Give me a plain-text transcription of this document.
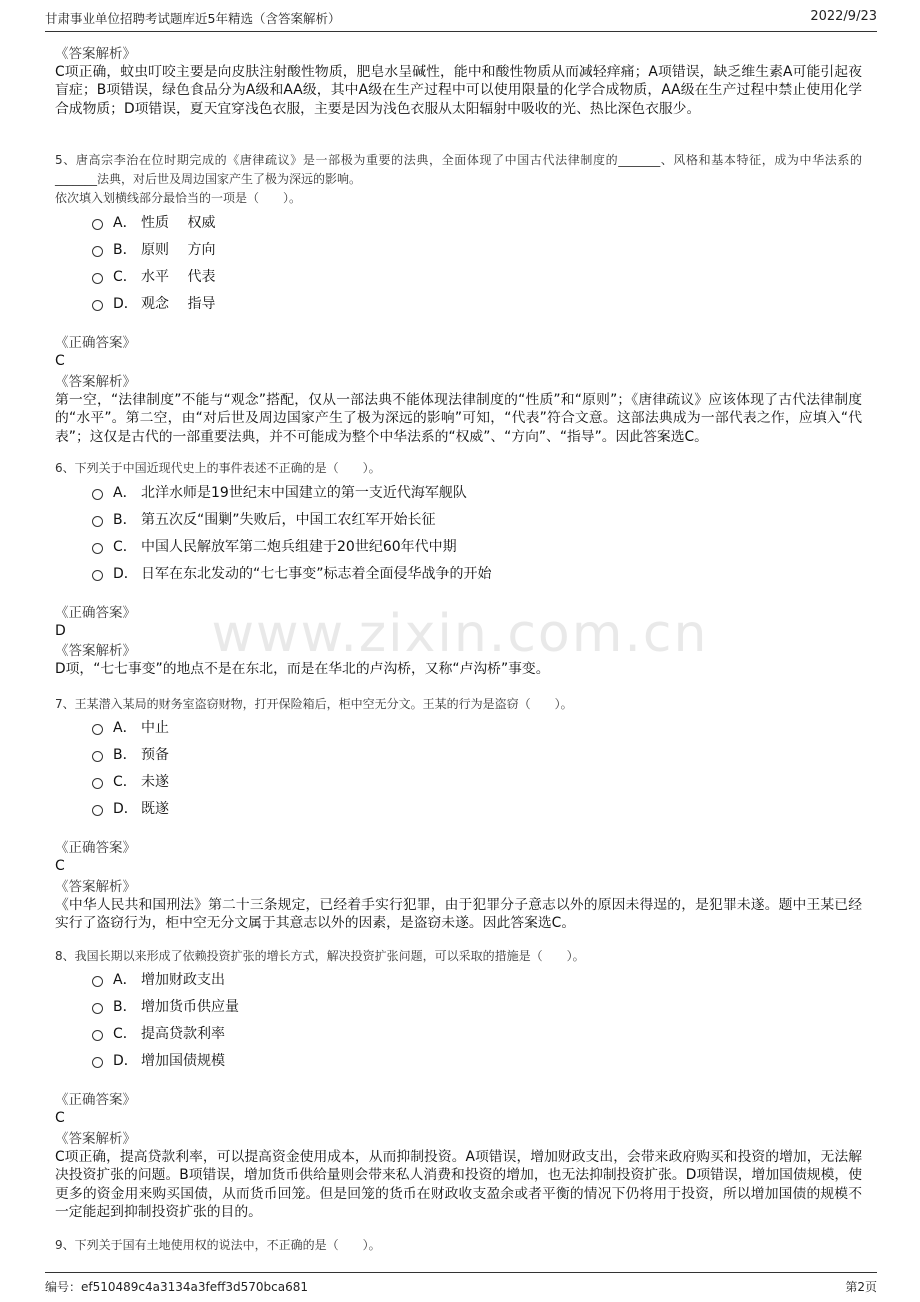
甘肃事业单位招聘考试题库近5年精选（含答案解析）	2022/9/23
www.zixin.com.cn
《答案解析》
C项正确，蚊虫叮咬主要是向皮肤注射酸性物质，肥皂水呈碱性，能中和酸性物质从而减轻痒痛；A项错误，缺乏维生素A可能引起夜盲症；B项错误，绿色食品分为A级和AA级，其中A级在生产过程中可以使用限量的化学合成物质，AA级在生产过程中禁止使用化学合成物质；D项错误，夏天宜穿浅色衣服，主要是因为浅色衣服从太阳辐射中吸收的光、热比深色衣服少。
5、唐高宗李治在位时期完成的《唐律疏议》是一部极为重要的法典，全面体现了中国古代法律制度的_______、风格和基本特征，成为中华法系的_______法典，对后世及周边国家产生了极为深远的影响。
依次填入划横线部分最恰当的一项是（　　）。
A． 性质　 权威
B． 原则　 方向
C． 水平　 代表
D． 观念　 指导
《正确答案》
C
《答案解析》
第一空，“法律制度”不能与“观念”搭配，仅从一部法典不能体现法律制度的“性质”和“原则”；《唐律疏议》应该体现了古代法律制度的“水平”。第二空，由“对后世及周边国家产生了极为深远的影响”可知，“代表”符合文意。这部法典成为一部代表之作，应填入“代表”；这仅是古代的一部重要法典，并不可能成为整个中华法系的“权威”、“方向”、“指导”。因此答案选C。
6、下列关于中国近现代史上的事件表述不正确的是（　　）。
A． 北洋水师是19世纪末中国建立的第一支近代海军舰队
B． 第五次反“围剿”失败后，中国工农红军开始长征
C． 中国人民解放军第二炮兵组建于20世纪60年代中期
D． 日军在东北发动的“七七事变”标志着全面侵华战争的开始
《正确答案》
D
《答案解析》
D项，“七七事变”的地点不是在东北，而是在华北的卢沟桥，又称“卢沟桥”事变。
7、王某潜入某局的财务室盗窃财物，打开保险箱后，柜中空无分文。王某的行为是盗窃（　　）。
A． 中止
B． 预备
C． 未遂
D． 既遂
《正确答案》
C
《答案解析》
《中华人民共和国刑法》第二十三条规定，已经着手实行犯罪，由于犯罪分子意志以外的原因未得逞的，是犯罪未遂。题中王某已经实行了盗窃行为，柜中空无分文属于其意志以外的因素，是盗窃未遂。因此答案选C。
8、我国长期以来形成了依赖投资扩张的增长方式，解决投资扩张问题，可以采取的措施是（　　）。
A． 增加财政支出
B． 增加货币供应量
C． 提高贷款利率
D． 增加国债规模
《正确答案》
C
《答案解析》
C项正确，提高贷款利率，可以提高资金使用成本，从而抑制投资。A项错误，增加财政支出，会带来政府购买和投资的增加，无法解决投资扩张的问题。B项错误，增加货币供给量则会带来私人消费和投资的增加，也无法抑制投资扩张。D项错误，增加国债规模，使更多的资金用来购买国债，从而货币回笼。但是回笼的货币在财政收支盈余或者平衡的情况下仍将用于投资，所以增加国债的规模不一定能起到抑制投资扩张的目的。
9、下列关于国有土地使用权的说法中，不正确的是（　　）。
编号：ef510489c4a3134a3feff3d570bca681	第2页
